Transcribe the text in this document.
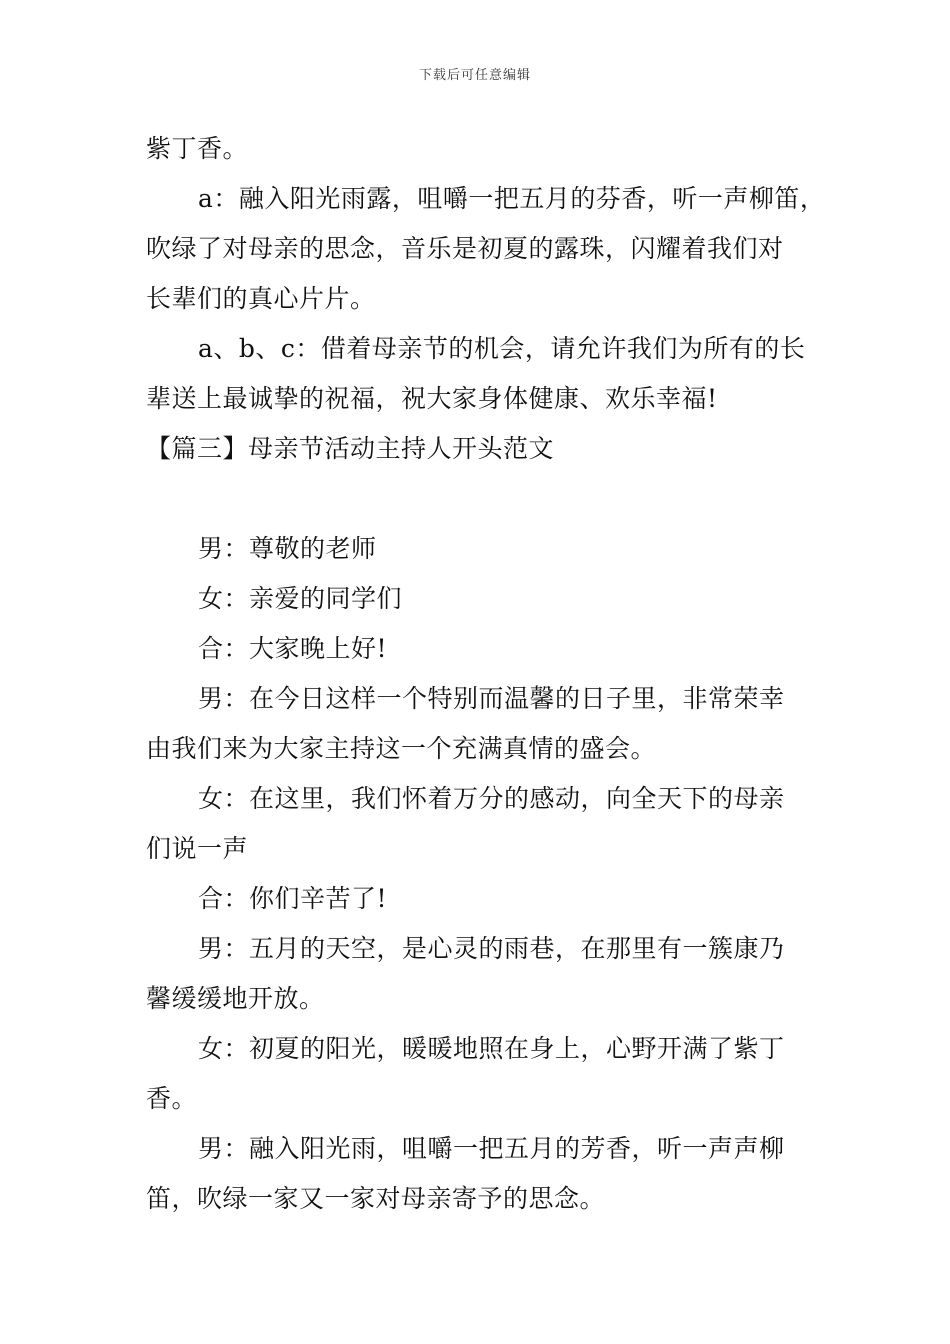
下载后可任意编辑
紫丁香。
a：融入阳光雨露，咀嚼一把五月的芬香，听一声柳笛，
吹绿了对母亲的思念，音乐是初夏的露珠，闪耀着我们对
长辈们的真心片片。
a、b、c：借着母亲节的机会，请允许我们为所有的长
辈送上最诚挚的祝福，祝大家身体健康、欢乐幸福!
【篇三】母亲节活动主持人开头范文
男：尊敬的老师
女：亲爱的同学们
合：大家晚上好!
男：在今日这样一个特别而温馨的日子里，非常荣幸
由我们来为大家主持这一个充满真情的盛会。
女：在这里，我们怀着万分的感动，向全天下的母亲
们说一声
合：你们辛苦了!
男：五月的天空，是心灵的雨巷，在那里有一簇康乃
馨缓缓地开放。
女：初夏的阳光，暖暖地照在身上，心野开满了紫丁
香。
男：融入阳光雨，咀嚼一把五月的芳香，听一声声柳
笛，吹绿一家又一家对母亲寄予的思念。
